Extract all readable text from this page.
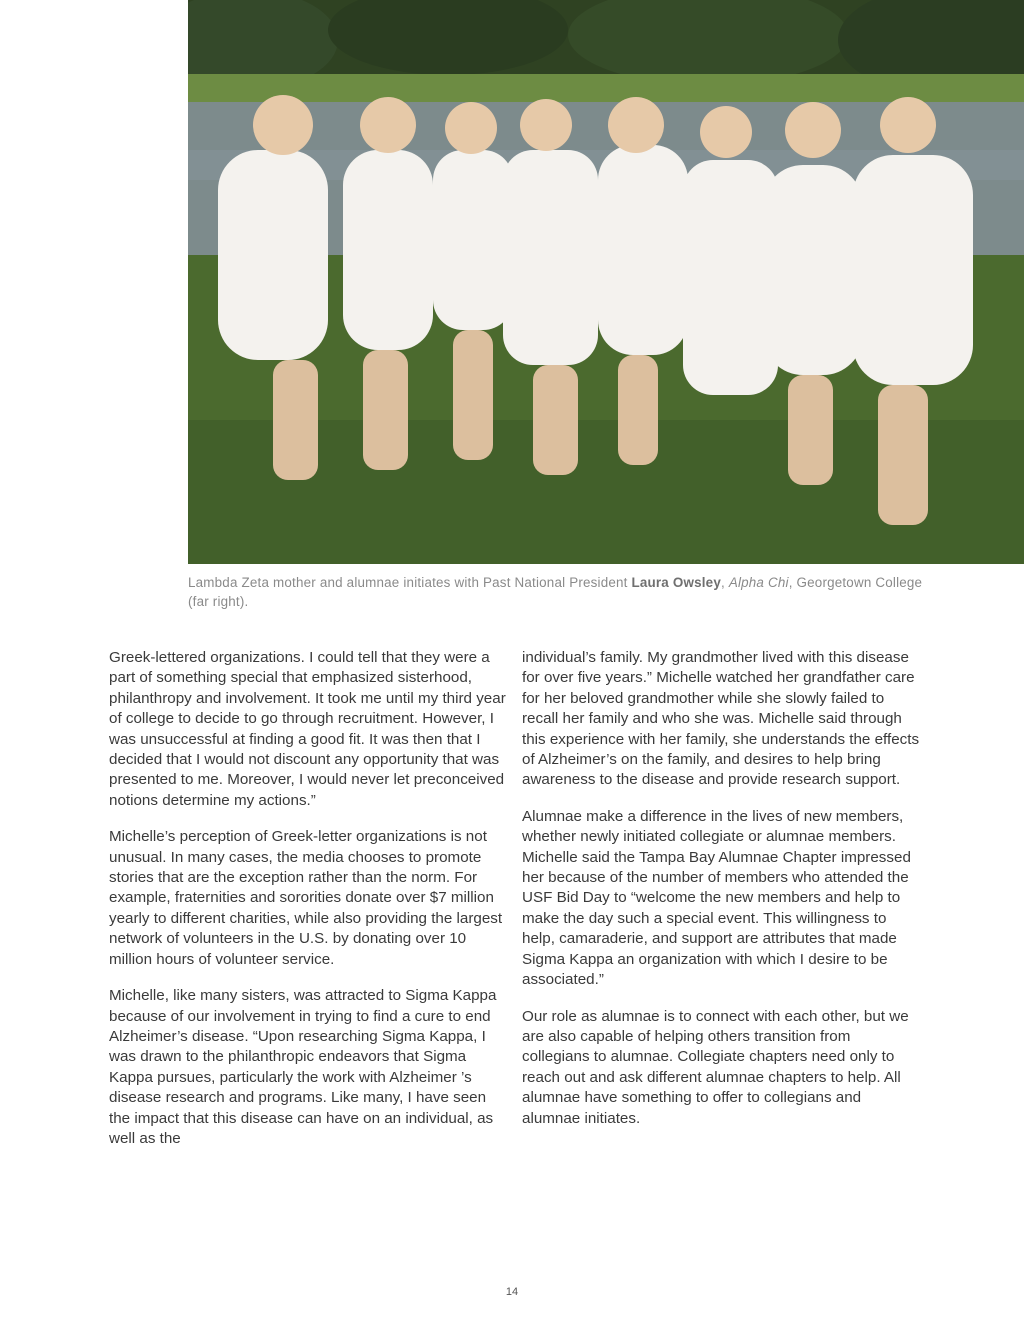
Lambda Zeta mother and alumnae initiates with Past National President Laura Owsley, Alpha Chi, Georgetown College (far right).

Greek-lettered organizations. I could tell that they were a part of something special that emphasized sisterhood, philanthropy and involvement. It took me until my third year of college to decide to go through recruitment. However, I was unsuccessful at finding a good fit. It was then that I decided that I would not discount any opportunity that was presented to me. Moreover, I would never let preconceived notions determine my actions.”

Michelle’s perception of Greek-letter organizations is not unusual. In many cases, the media chooses to promote stories that are the exception rather than the norm. For example, fraternities and sororities donate over $7 million yearly to different charities, while also providing the largest network of volunteers in the U.S. by donating over 10 million hours of volunteer service.

Michelle, like many sisters, was attracted to Sigma Kappa because of our involvement in trying to find a cure to end Alzheimer’s disease. “Upon researching Sigma Kappa, I was drawn to the philanthropic endeavors that Sigma Kappa pursues, particularly the work with Alzheimer ’s disease research and programs. Like many, I have seen the impact that this disease can have on an individual, as well as the

individual’s family. My grandmother lived with this disease for over five years.” Michelle watched her grandfather care for her beloved grandmother while she slowly failed to recall her family and who she was. Michelle said through this experience with her family, she understands the effects of Alzheimer’s on the family, and desires to help bring awareness to the disease and provide research support.

Alumnae make a difference in the lives of new members, whether newly initiated collegiate or alumnae members. Michelle said the Tampa Bay Alumnae Chapter impressed her because of the number of members who attended the USF Bid Day to “welcome the new members and help to make the day such a special event. This willingness to help, camaraderie, and support are attributes that made Sigma Kappa an organization with which I desire to be associated.”

Our role as alumnae is to connect with each other, but we are also capable of helping others transition from collegians to alumnae. Collegiate chapters need only to reach out and ask different alumnae chapters to help. All alumnae have something to offer to collegians and alumnae initiates.

14
